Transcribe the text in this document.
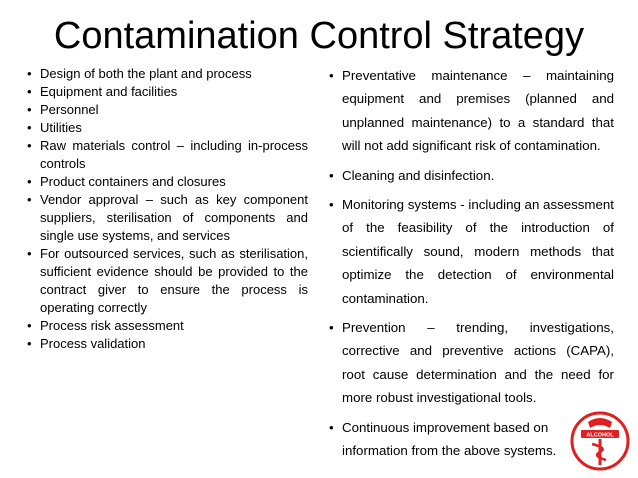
Contamination Control Strategy
• Design of both the plant and process
• Equipment and facilities
• Personnel
• Utilities
• Raw materials control – including in-process controls
• Product containers and closures
• Vendor approval – such as key component suppliers, sterilisation of components and single use systems, and services
• For outsourced services, such as sterilisation, sufficient evidence should be provided to the contract giver to ensure the process is operating correctly
• Process risk assessment
• Process validation
• Preventative maintenance – maintaining equipment and premises (planned and unplanned maintenance) to a standard that will not add significant risk of contamination.
• Cleaning and disinfection.
• Monitoring systems - including an assessment of the feasibility of the introduction of scientifically sound, modern methods that optimize the detection of environmental contamination.
• Prevention – trending, investigations, corrective and preventive actions (CAPA), root cause determination and the need for more robust investigational tools.
• Continuous improvement based on information from the above systems.
ALCOHOL
